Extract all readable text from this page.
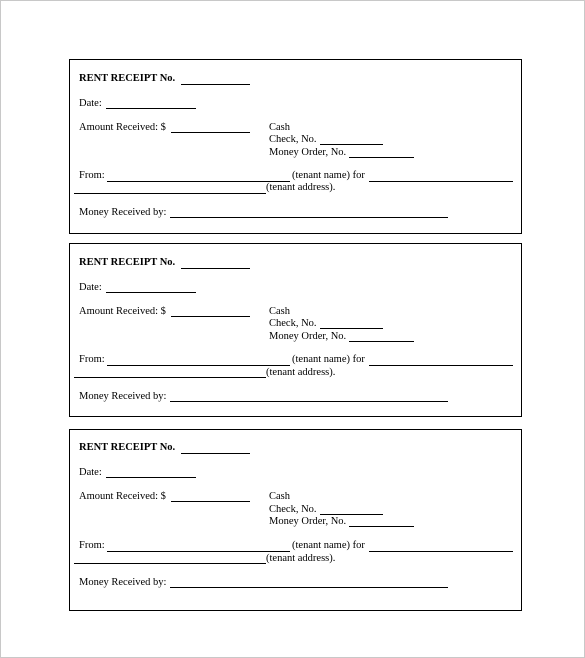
RENT RECEIPT No.
Date:
Amount Received: $	Cash
Check, No.
Money Order, No.
From:	(tenant name) for
(tenant address).
Money Received by:
RENT RECEIPT No.
Date:
Amount Received: $	Cash
Check, No.
Money Order, No.
From:	(tenant name) for
(tenant address).
Money Received by:
RENT RECEIPT No.
Date:
Amount Received: $	Cash
Check, No.
Money Order, No.
From:	(tenant name) for
(tenant address).
Money Received by:
